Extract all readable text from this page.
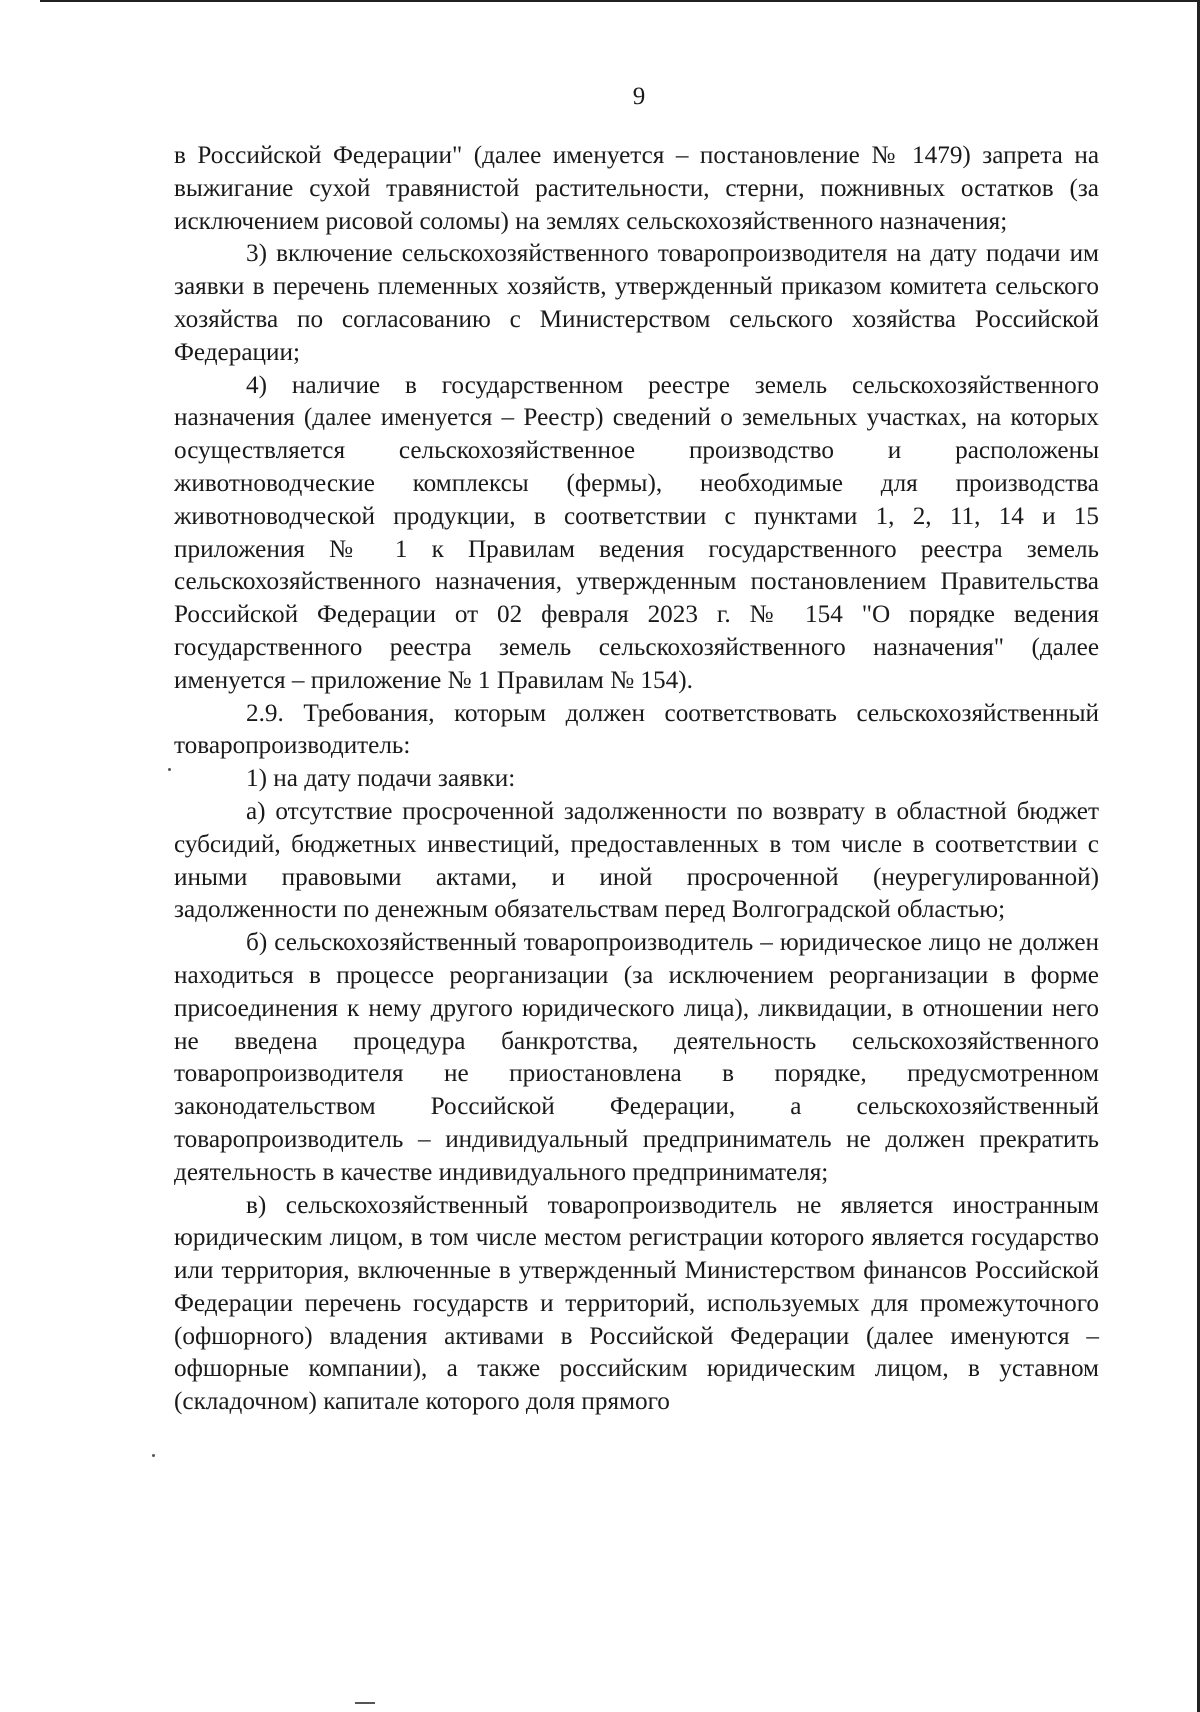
9

в Российской Федерации" (далее именуется – постановление № 1479) запрета на выжигание сухой травянистой растительности, стерни, пожнивных остатков (за исключением рисовой соломы) на землях сельскохозяйственного назначения;

3) включение сельскохозяйственного товаропроизводителя на дату подачи им заявки в перечень племенных хозяйств, утвержденный приказом комитета сельского хозяйства по согласованию с Министерством сельского хозяйства Российской Федерации;

4) наличие в государственном реестре земель сельскохозяйственного назначения (далее именуется – Реестр) сведений о земельных участках, на которых осуществляется сельскохозяйственное производство и расположены животноводческие комплексы (фермы), необходимые для производства животноводческой продукции, в соответствии с пунктами 1, 2, 11, 14 и 15 приложения № 1 к Правилам ведения государственного реестра земель сельскохозяйственного назначения, утвержденным постановлением Правительства Российской Федерации от 02 февраля 2023 г. № 154 "О порядке ведения государственного реестра земель сельскохозяйственного назначения" (далее именуется – приложение № 1 Правилам № 154).

2.9. Требования, которым должен соответствовать сельскохозяйственный товаропроизводитель:

1) на дату подачи заявки:

а) отсутствие просроченной задолженности по возврату в областной бюджет субсидий, бюджетных инвестиций, предоставленных в том числе в соответствии с иными правовыми актами, и иной просроченной (неурегулированной) задолженности по денежным обязательствам перед Волгоградской областью;

б) сельскохозяйственный товаропроизводитель – юридическое лицо не должен находиться в процессе реорганизации (за исключением реорганизации в форме присоединения к нему другого юридического лица), ликвидации, в отношении него не введена процедура банкротства, деятельность сельскохозяйственного товаропроизводителя не приостановлена в порядке, предусмотренном законодательством Российской Федерации, а сельскохозяйственный товаропроизводитель – индивидуальный предприниматель не должен прекратить деятельность в качестве индивидуального предпринимателя;

в) сельскохозяйственный товаропроизводитель не является иностранным юридическим лицом, в том числе местом регистрации которого является государство или территория, включенные в утвержденный Министерством финансов Российской Федерации перечень государств и территорий, используемых для промежуточного (офшорного) владения активами в Российской Федерации (далее именуются – офшорные компании), а также российским юридическим лицом, в уставном (складочном) капитале которого доля прямого
